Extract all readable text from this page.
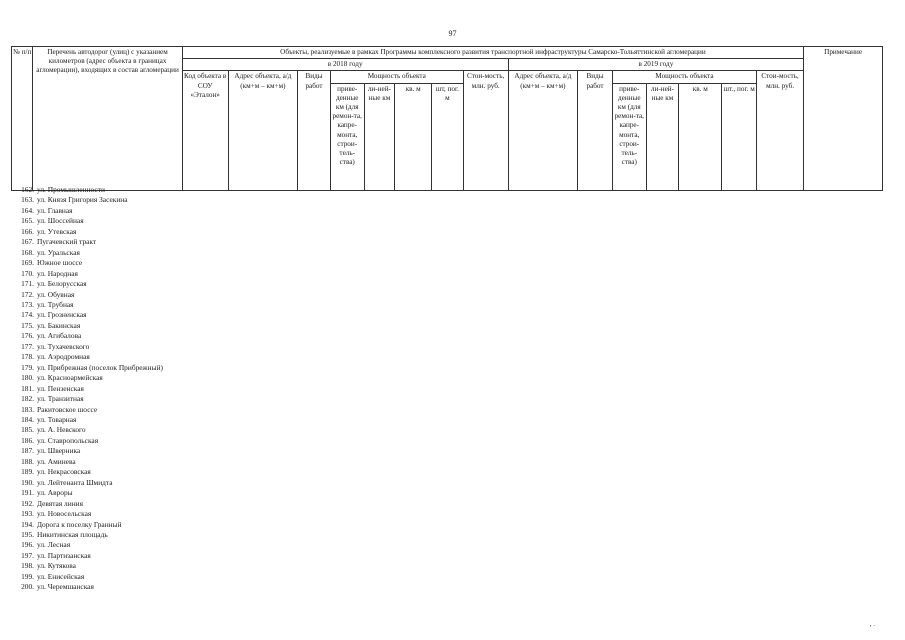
97
№ п/п	Перечень автодорог (улиц) с указанием километров (адрес объекта в границах агломерации), входящих в состав агломерации	Объекты, реализуемые в рамках Программы комплексного развития транспортной инфраструктуры Самарско-Тольяттинской агломерации															Примечание
		в 2018 году								в 2019 году							
		Код объекта в СОУ «Эталон»	Адрес объекта, а/д (км+м – км+м)	Виды работ	Мощность объекта				Стои-мость, млн. руб.	Адрес объекта, а/д (км+м – км+м)	Виды работ	Мощность объекта				Стои-мость, млн. руб.	
					приве-денные км (для ремон-та, капре-монта, строи-тель-ства)	ли-ней-ные км	кв. м	шт, пог. м				приве-денные км (для ремон-та, капре-монта, строи-тель-ства)	ли-ней-ные км	кв. м	шт., пог. м		
162. ул. Промышленности
163. ул. Князя Григория Засекина
164. ул. Главная
165. ул. Шоссейная
166. ул. Утевская
167. Пугачевский тракт
168. ул. Уральская
169. Южное шоссе
170. ул. Народная
171. ул. Белорусская
172. ул. Обувная
173. ул. Трубная
174. ул. Грозненская
175. ул. Бакинская
176. ул. Агибалова
177. ул. Тухачевского
178. ул. Аэродромная
179. ул. Прибрежная (поселок Прибрежный)
180. ул. Красноармейская
181. ул. Пензенская
182. ул. Транзитная
183. Ракитовское шоссе
184. ул. Товарная
185. ул. А. Невского
186. ул. Ставропольская
187. ул. Шверника
188. ул. Аминева
189. ул. Некрасовская
190. ул. Лейтенанта Шмидта
191. ул. Авроры
192. Девятая линия
193. ул. Новосельская
194. Дорога к поселку Гранный
195. Никитинская площадь
196. ул. Лесная
197. ул. Партизанская
198. ул. Кутякова
199. ул. Енисейская
200. ул. Черемшанская
, .
